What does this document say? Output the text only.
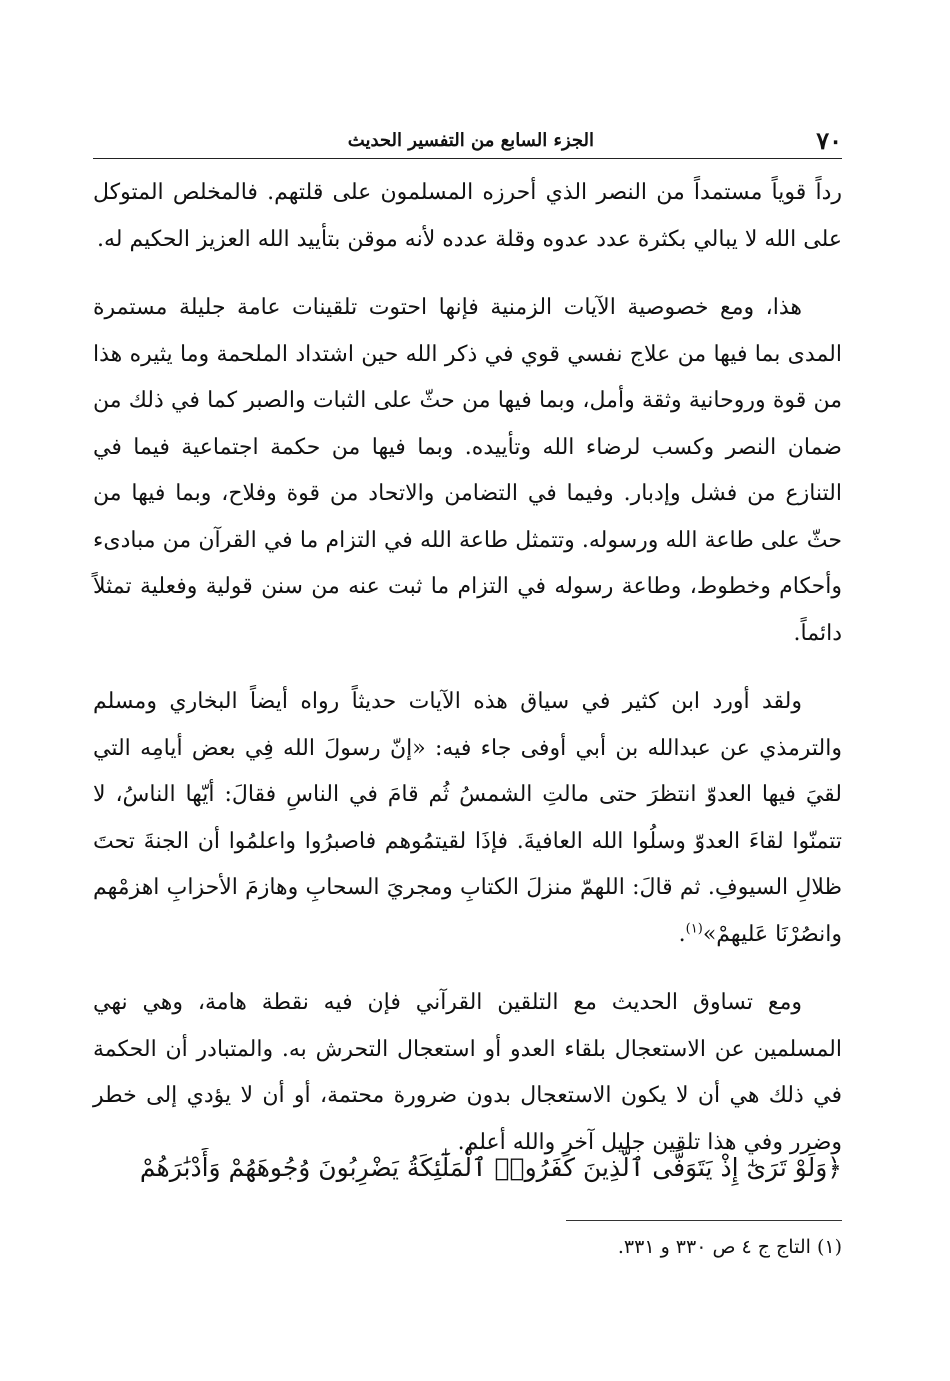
٧٠
الجزء السابع من التفسير الحديث

رداً قوياً مستمداً من النصر الذي أحرزه المسلمون على قلتهم. فالمخلص المتوكل على الله لا يبالي بكثرة عدد عدوه وقلة عدده لأنه موقن بتأييد الله العزيز الحكيم له.

هذا، ومع خصوصية الآيات الزمنية فإنها احتوت تلقينات عامة جليلة مستمرة المدى بما فيها من علاج نفسي قوي في ذكر الله حين اشتداد الملحمة وما يثيره هذا من قوة وروحانية وثقة وأمل، وبما فيها من حثّ على الثبات والصبر كما في ذلك من ضمان النصر وكسب لرضاء الله وتأييده. وبما فيها من حكمة اجتماعية فيما في التنازع من فشل وإدبار. وفيما في التضامن والاتحاد من قوة وفلاح، وبما فيها من حثّ على طاعة الله ورسوله. وتتمثل طاعة الله في التزام ما في القرآن من مبادىء وأحكام وخطوط، وطاعة رسوله في التزام ما ثبت عنه من سنن قولية وفعلية تمثلاً دائماً.

ولقد أورد ابن كثير في سياق هذه الآيات حديثاً رواه أيضاً البخاري ومسلم والترمذي عن عبدالله بن أبي أوفى جاء فيه: «إنّ رسولَ الله فِي بعض أيامِه التي لقيَ فيها العدوّ انتظرَ حتى مالتِ الشمسُ ثُم قامَ في الناسِ فقالَ: أيّها الناسُ، لا تتمنّوا لقاءَ العدوّ وسلُوا الله العافيةَ. فإذَا لقيتمُوهم فاصبرُوا واعلمُوا أن الجنةَ تحتَ ظلالِ السيوفِ. ثم قالَ: اللهمّ منزلَ الكتابِ ومجريَ السحابِ وهازمَ الأحزابِ اهزمْهم وانصُرْنَا عَليهمْ»$^{(١)}$.

ومع تساوق الحديث مع التلقين القرآني فإن فيه نقطة هامة، وهي نهي المسلمين عن الاستعجال بلقاء العدو أو استعجال التحرش به. والمتبادر أن الحكمة في ذلك هي أن لا يكون الاستعجال بدون ضرورة محتمة، أو أن لا يؤدي إلى خطر وضرر وفي هذا تلقين جليل آخر والله أعلم.

﴿وَلَوْ تَرَىٰٓ إِذْ يَتَوَفَّى ٱلَّذِينَ كَفَرُوا۟ ٱلْمَلَٰٓئِكَةُ يَضْرِبُونَ وُجُوهَهُمْ وَأَدْبَٰرَهُمْ
(١) التاج ج ٤ ص ٣٣٠ و ٣٣١.
